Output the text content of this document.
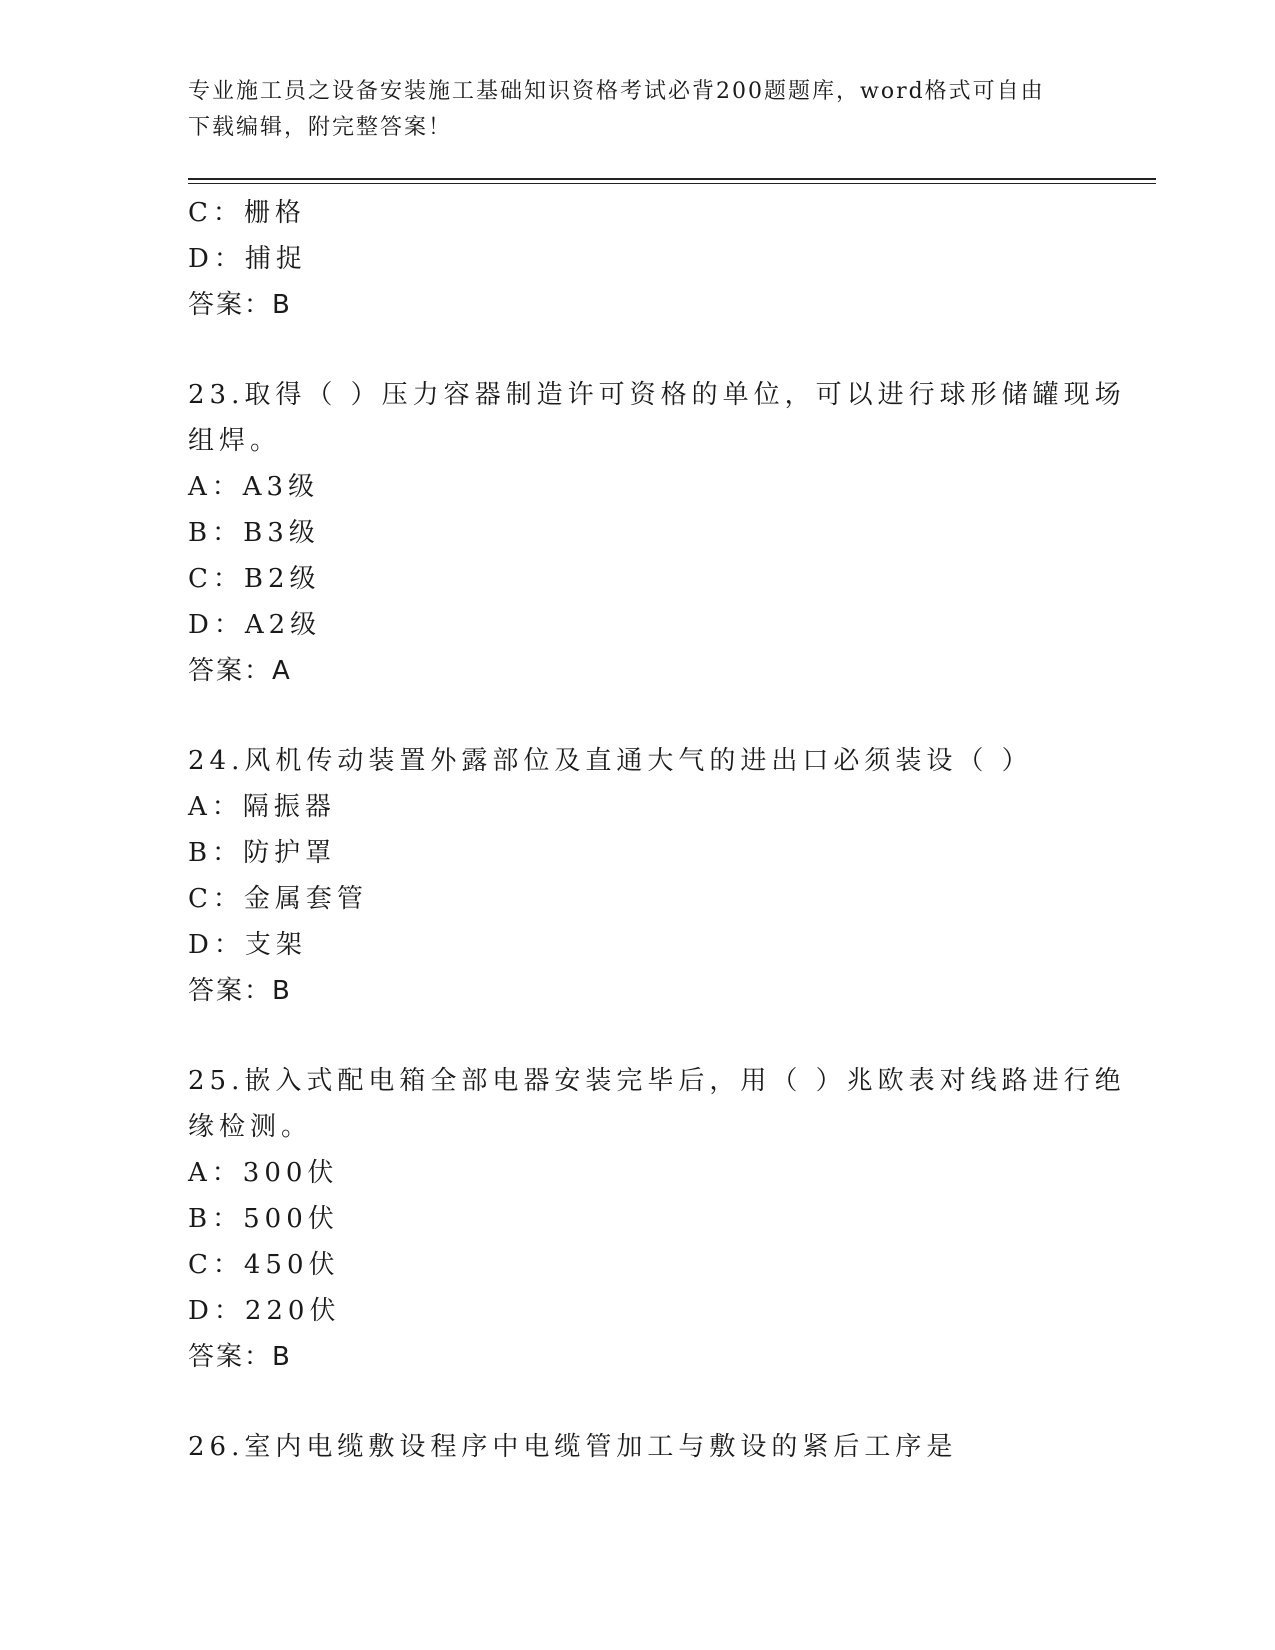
专业施工员之设备安装施工基础知识资格考试必背200题题库，word格式可自由
下载编辑，附完整答案！
C：栅格
D：捕捉
答案：B
23.取得（ ）压力容器制造许可资格的单位，可以进行球形储罐现场
组焊。
A：A3级
B：B3级
C：B2级
D：A2级
答案：A
24.风机传动装置外露部位及直通大气的进出口必须装设（ ）
A：隔振器
B：防护罩
C：金属套管
D：支架
答案：B
25.嵌入式配电箱全部电器安装完毕后，用（ ）兆欧表对线路进行绝
缘检测。
A：300伏
B：500伏
C：450伏
D：220伏
答案：B
26.室内电缆敷设程序中电缆管加工与敷设的紧后工序是
